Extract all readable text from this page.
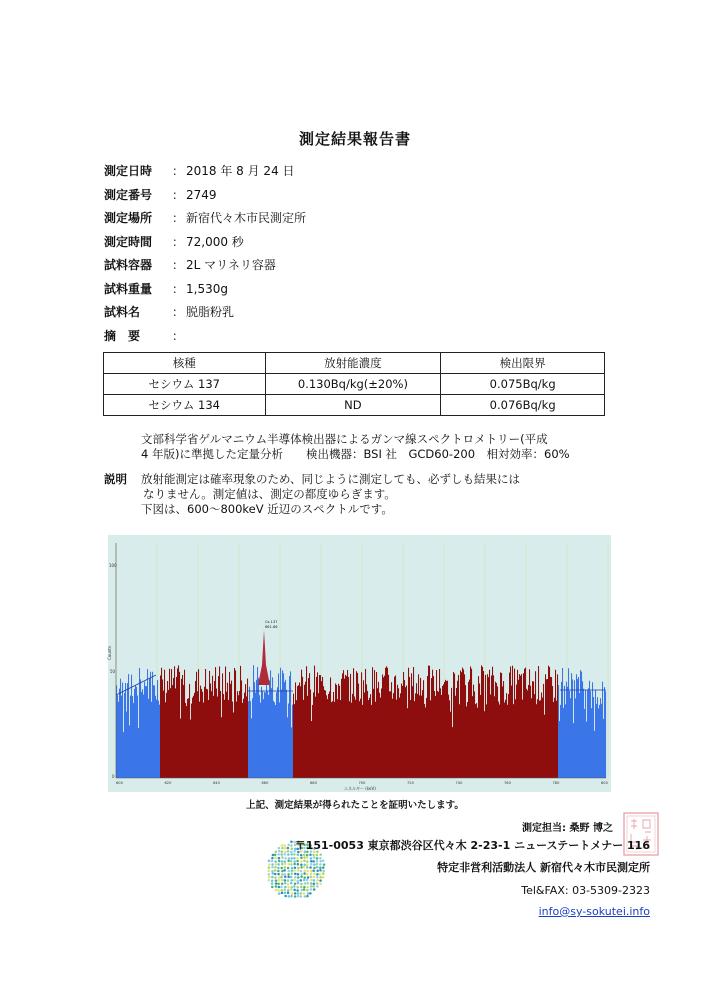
測定結果報告書
測定日時	： 2018 年 8 月 24 日
測定番号	： 2749
測定場所	： 新宿代々木市民測定所
測定時間	： 72,000 秒
試料容器	： 2L マリネリ容器
試料重量	： 1,530g
試料名	： 脱脂粉乳
摘　要	：
核種	放射能濃度	検出限界
セシウム 137	0.130Bq/kg(±20%)	0.075Bq/kg
セシウム 134	ND	0.076Bq/kg
文部科学省ゲルマニウム半導体検出器によるガンマ線スペクトロメトリー(平成
4 年版)に準拠した定量分析　　検出機器：BSI 社　GCD60-200　相対効率：60%
説明 放射能測定は確率現象のため、同じように測定しても、必ずしも結果には
なりません。測定値は、測定の都度ゆらぎます。
下図は、600～800keV 近辺のスペクトルです。
Counts
100
50
0
600	620	640	660	680	700	720	740	760	780	800
エネルギー (keV)
Cs-137
661.66
上記、測定結果が得られたことを証明いたします。
測定担当: 桑野 博之
〒151-0053 東京都渋谷区代々木 2-23-1 ニューステートメナー 116
特定非営利活動法人 新宿代々木市民測定所
Tel&FAX: 03-5309-2323
info@sy-sokutei.info
